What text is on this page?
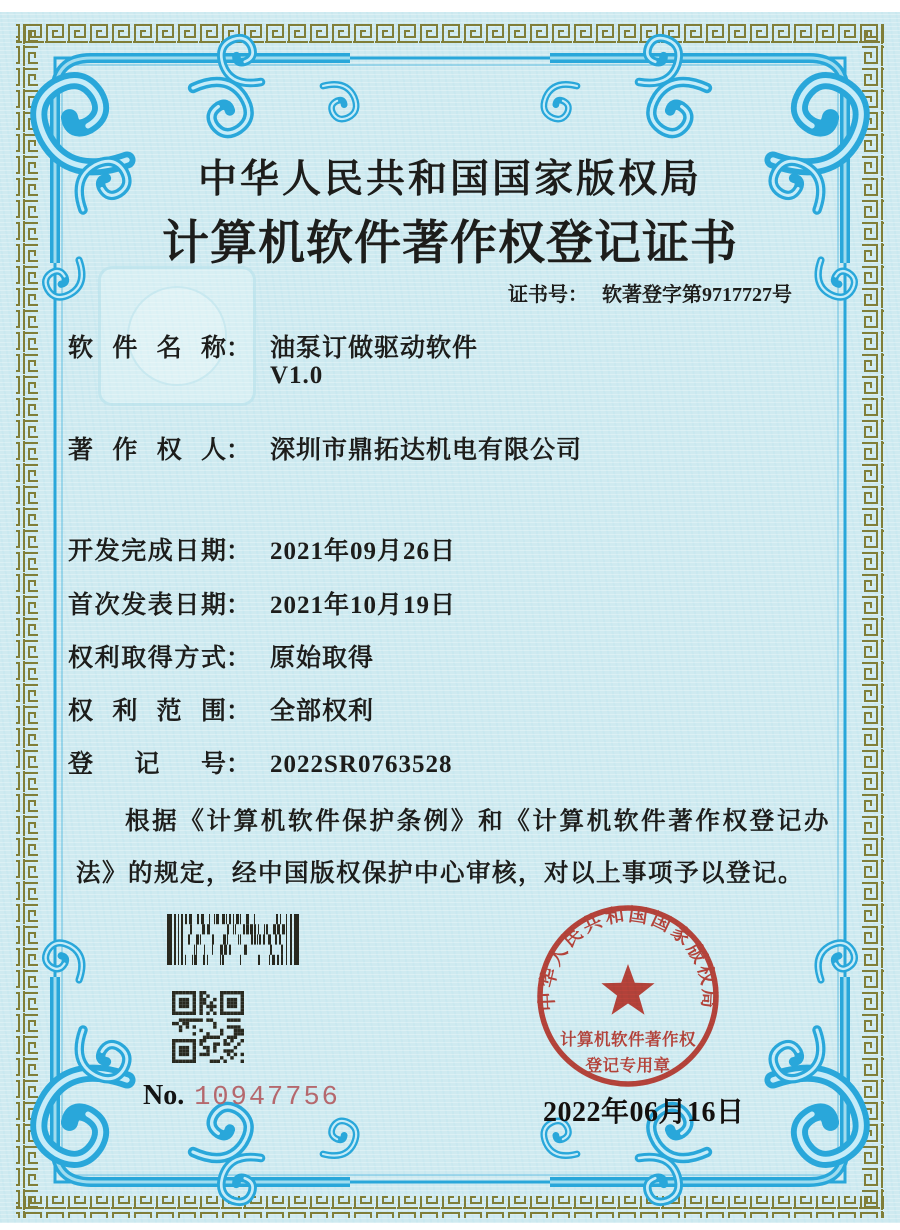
中华人民共和国国家版权局
计算机软件著作权登记证书
证书号： 软著登字第9717727号
软件名称： 油泵订做驱动软件
V1.0
著作权人： 深圳市鼎拓达机电有限公司
开发完成日期： 2021年09月26日
首次发表日期： 2021年10月19日
权利取得方式： 原始取得
权利范围： 全部权利
登记号： 2022SR0763528
根据《计算机软件保护条例》和《计算机软件著作权登记办法》的规定，经中国版权保护中心审核，对以上事项予以登记。
No. 10947756
中华人民共和国国家版权局
计算机软件著作权
登记专用章
2022年06月16日
